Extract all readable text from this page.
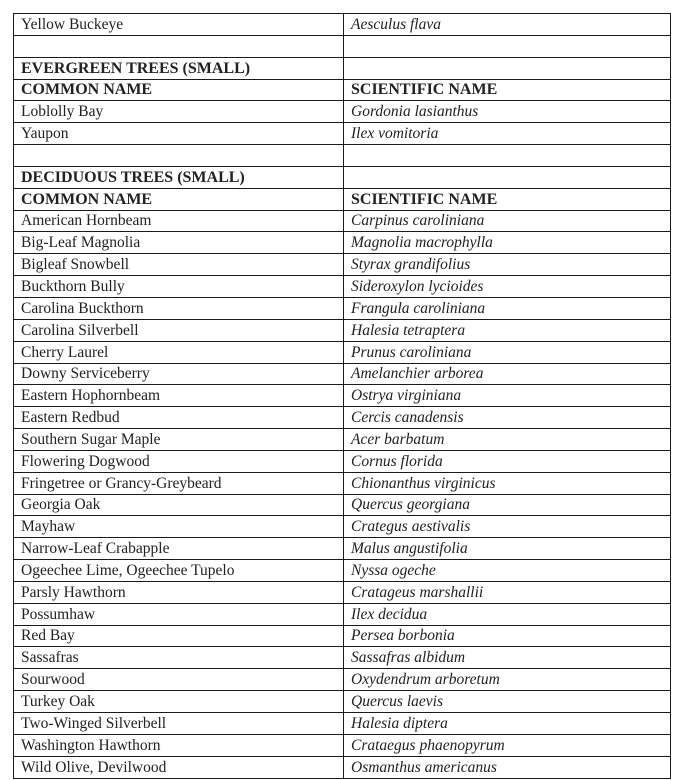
Yellow Buckeye	Aesculus flava

EVERGREEN TREES (SMALL)	
COMMON NAME	SCIENTIFIC NAME
Loblolly Bay	Gordonia lasianthus
Yaupon	Ilex vomitoria

DECIDUOUS TREES (SMALL)	
COMMON NAME	SCIENTIFIC NAME
American Hornbeam	Carpinus caroliniana
Big-Leaf Magnolia	Magnolia macrophylla
Bigleaf Snowbell	Styrax grandifolius
Buckthorn Bully	Sideroxylon lycioides
Carolina Buckthorn	Frangula caroliniana
Carolina Silverbell	Halesia tetraptera
Cherry Laurel	Prunus caroliniana
Downy Serviceberry	Amelanchier arborea
Eastern Hophornbeam	Ostrya virginiana
Eastern Redbud	Cercis canadensis
Southern Sugar Maple	Acer barbatum
Flowering Dogwood	Cornus florida
Fringetree or Grancy-Greybeard	Chionanthus virginicus
Georgia Oak	Quercus georgiana
Mayhaw	Crategus aestivalis
Narrow-Leaf Crabapple	Malus angustifolia
Ogeechee Lime, Ogeechee Tupelo	Nyssa ogeche
Parsly Hawthorn	Cratageus marshallii
Possumhaw	Ilex decidua
Red Bay	Persea borbonia
Sassafras	Sassafras albidum
Sourwood	Oxydendrum arboretum
Turkey Oak	Quercus laevis
Two-Winged Silverbell	Halesia diptera
Washington Hawthorn	Crataegus phaenopyrum
Wild Olive, Devilwood	Osmanthus americanus
